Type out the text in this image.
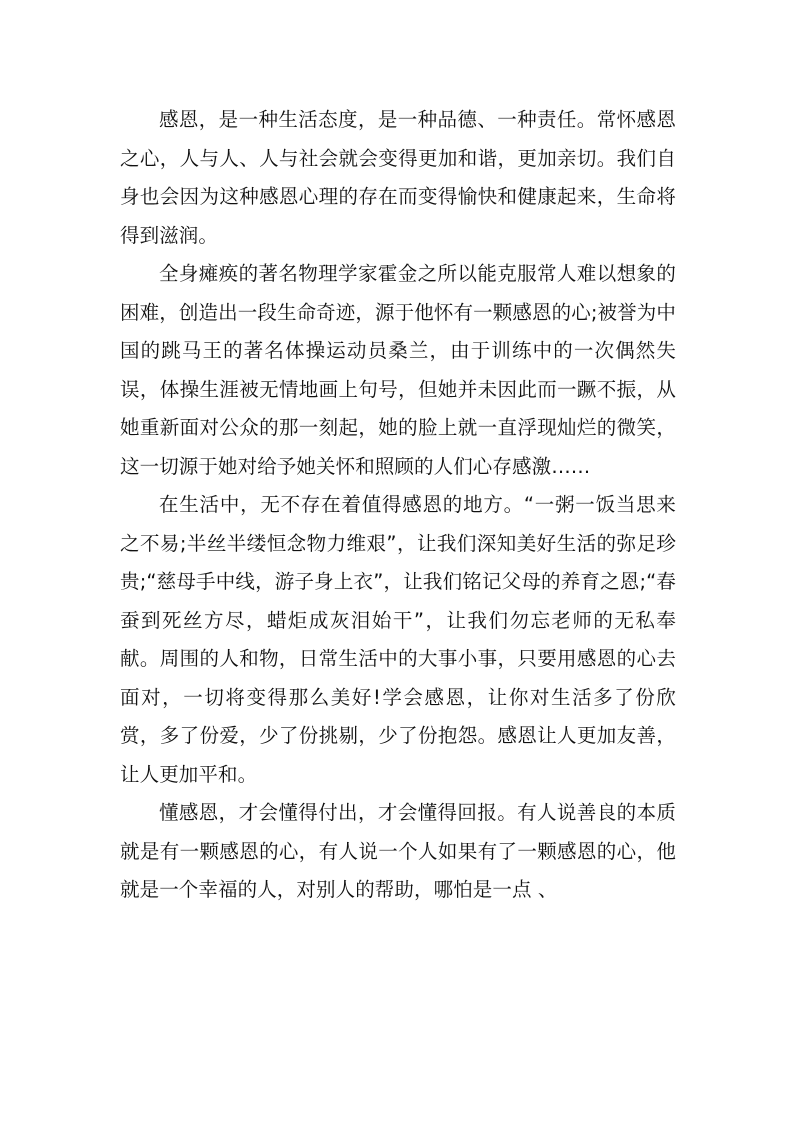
感恩，是一种生活态度，是一种品德、一种责任。常怀感恩之心，人与人、人与社会就会变得更加和谐，更加亲切。我们自身也会因为这种感恩心理的存在而变得愉快和健康起来，生命将得到滋润。

全身瘫痪的著名物理学家霍金之所以能克服常人难以想象的困难，创造出一段生命奇迹，源于他怀有一颗感恩的心;被誉为中国的跳马王的著名体操运动员桑兰，由于训练中的一次偶然失误，体操生涯被无情地画上句号，但她并未因此而一蹶不振，从她重新面对公众的那一刻起，她的脸上就一直浮现灿烂的微笑，这一切源于她对给予她关怀和照顾的人们心存感激……

在生活中，无不存在着值得感恩的地方。“一粥一饭当思来之不易;半丝半缕恒念物力维艰”，让我们深知美好生活的弥足珍贵;“慈母手中线，游子身上衣”，让我们铭记父母的养育之恩;“春蚕到死丝方尽，蜡炬成灰泪始干”，让我们勿忘老师的无私奉献。周围的人和物，日常生活中的大事小事，只要用感恩的心去面对，一切将变得那么美好!学会感恩，让你对生活多了份欣赏，多了份爱，少了份挑剔，少了份抱怨。感恩让人更加友善，让人更加平和。

懂感恩，才会懂得付出，才会懂得回报。有人说善良的本质就是有一颗感恩的心，有人说一个人如果有了一颗感恩的心，他就是一个幸福的人，对别人的帮助，哪怕是一点 、
